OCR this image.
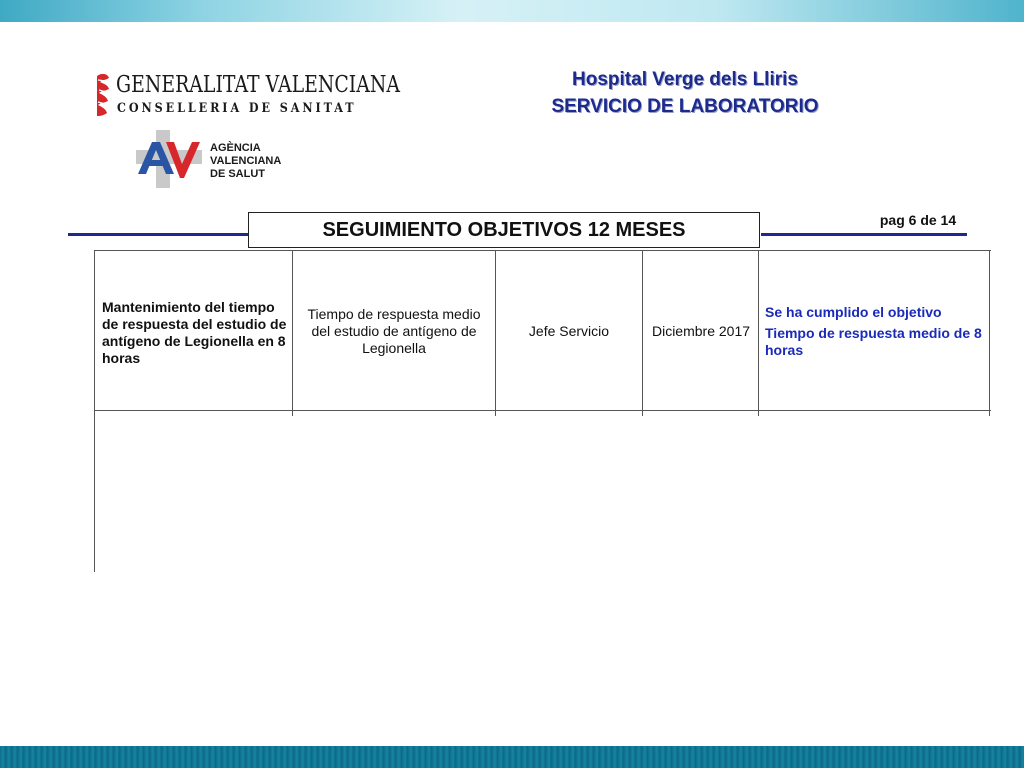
GENERALITAT VALENCIANA
CONSELLERIA DE SANITAT
AGÈNCIA
VALENCIANA
DE SALUT
Hospital Verge dels Lliris
SERVICIO DE LABORATORIO
SEGUIMIENTO OBJETIVOS 12 MESES	pag 6 de 14
Mantenimiento del tiempo de respuesta del estudio de antígeno de Legionella en 8 horas
Tiempo de respuesta medio del estudio de antígeno de Legionella
Jefe Servicio	Diciembre 2017
Se ha cumplido el objetivo
Tiempo de respuesta medio de 8 horas
